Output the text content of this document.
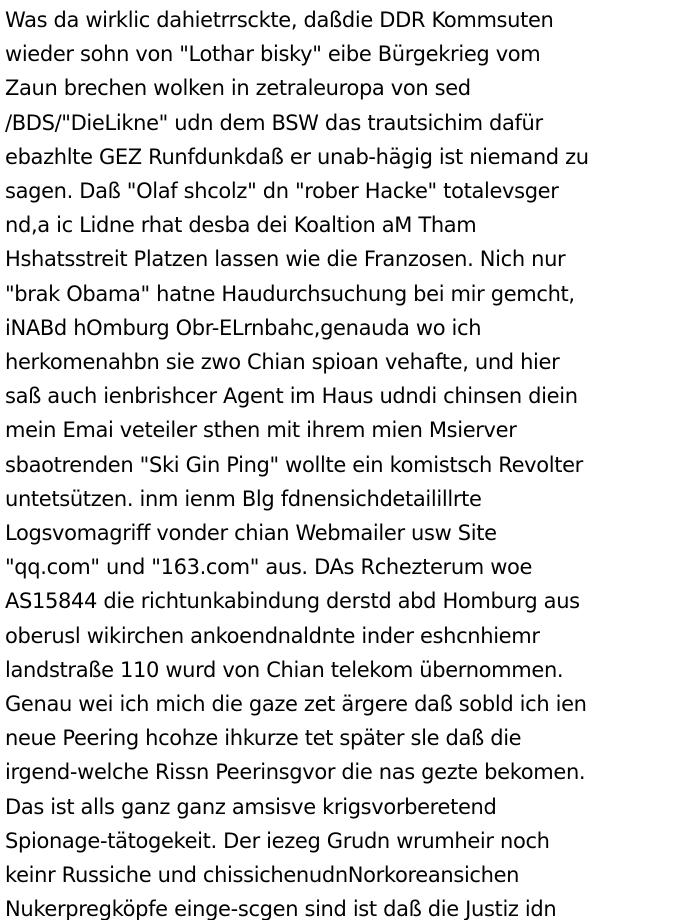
Was da wirklic dahietrrsckte, daßdie DDR Kommsuten
wieder sohn von "Lothar bisky" eibe Bürgekrieg vom
Zaun brechen wolken in zetraleuropa von sed
/BDS/"DieLikne" udn dem BSW das trautsichim dafür
ebazhlte GEZ Runfdunkdaß er unab-hägig ist niemand zu
sagen. Daß "Olaf shcolz" dn "rober Hacke" totalevsger
nd,a ic Lidne rhat desba dei Koaltion aM Tham
Hshatsstreit Platzen lassen wie die Franzosen. Nich nur
"brak Obama" hatne Haudurchsuchung bei mir gemcht,
iNABd hOmburg Obr-ELrnbahc,genauda wo ich
herkomenahbn sie zwo Chian spioan vehafte, und hier
saß auch ienbrishcer Agent im Haus udndi chinsen diein
mein Emai veteiler sthen mit ihrem mien Msierver
sbaotrenden "Ski Gin Ping" wollte ein komistsch Revolter
untetsützen. inm ienm Blg fdnensichdetailillrte
Logsvomagriff vonder chian Webmailer usw Site
"qq.com" und "163.com" aus. DAs Rchezterum woe
AS15844 die richtunkabindung derstd abd Homburg aus
oberusl wikirchen ankoendnaldnte inder eshcnhiemr
landstraße 110 wurd von Chian telekom übernommen.
Genau wei ich mich die gaze zet ärgere daß sobld ich ien
neue Peering hcohze ihkurze tet später sle daß die
irgend-welche Rissn Peerinsgvor die nas gezte bekomen.
Das ist alls ganz ganz amsisve krigsvorberetend
Spionage-tätogekeit. Der iezeg Grudn wrumheir noch
keinr Russiche und chissichenudnNorkoreansichen
Nukerpregköpfe einge-scgen sind ist daß die Justiz idn
